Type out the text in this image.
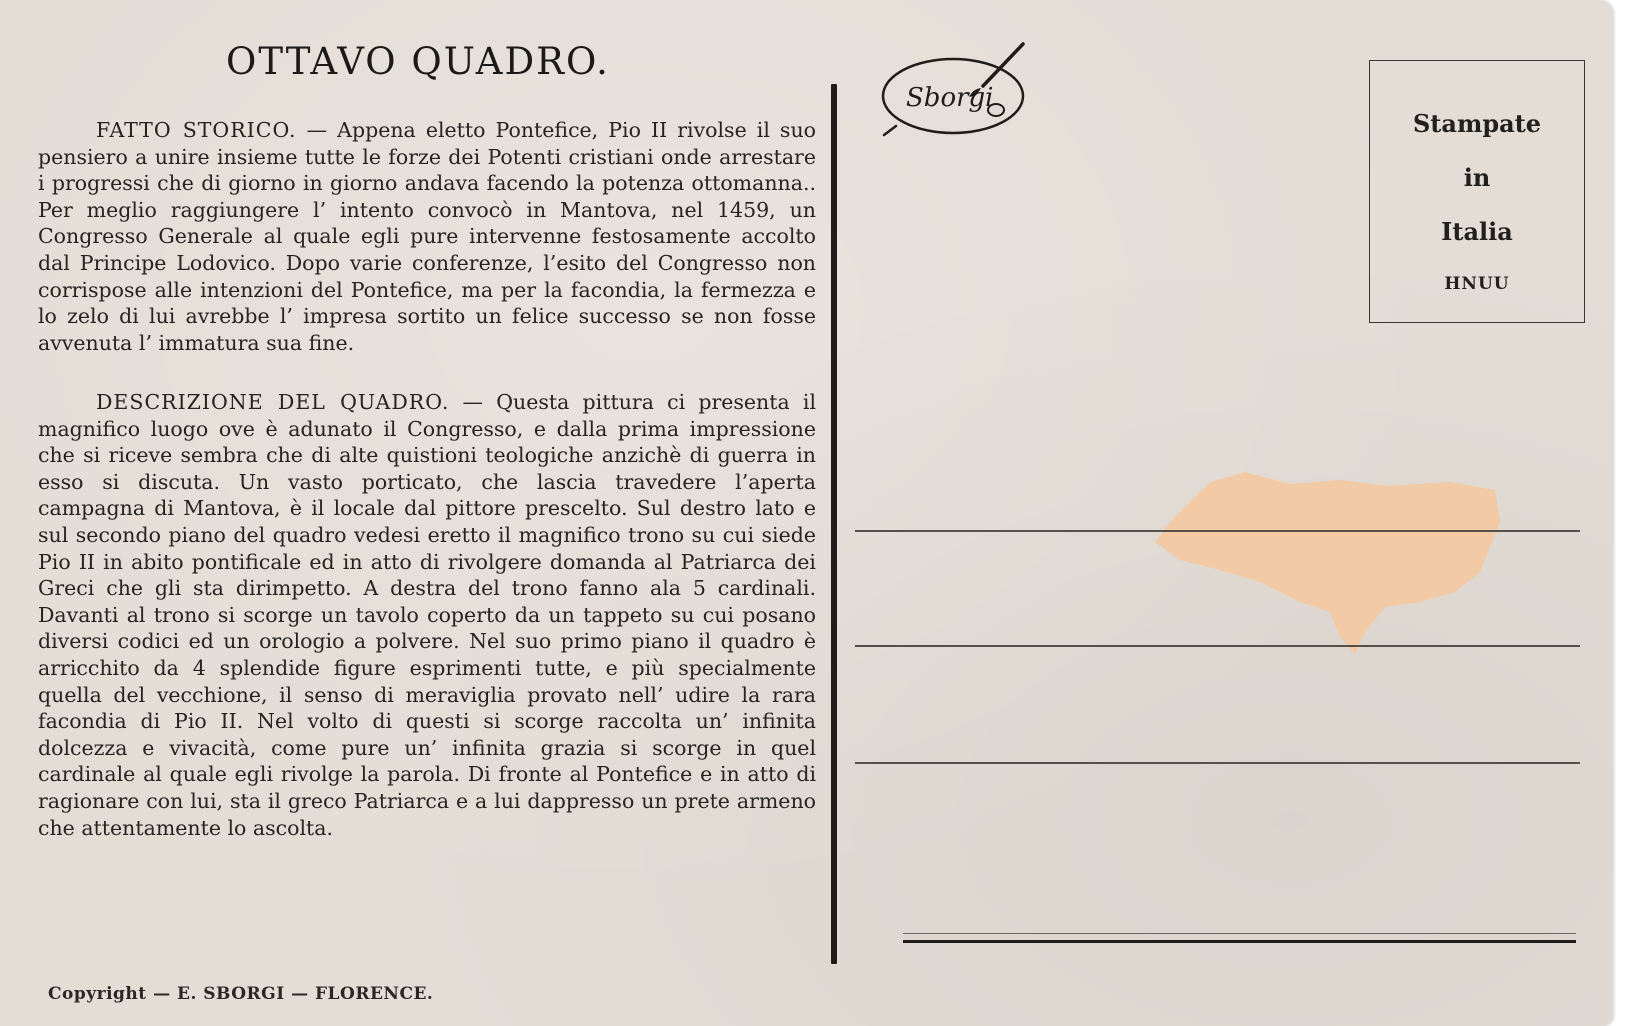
OTTAVO QUADRO.

FATTO STORICO. — Appena eletto Pontefice, Pio II rivolse il suo pensiero a unire insieme tutte le forze dei Potenti cristiani onde arrestare i progressi che di giorno in giorno andava facendo la potenza ottomanna.. Per meglio raggiungere l’ intento convocò in Mantova, nel 1459, un Congresso Generale al quale egli pure intervenne festosamente accolto dal Principe Lodovico. Dopo varie conferenze, l’esito del Congresso non corrispose alle intenzioni del Pontefice, ma per la facondia, la fermezza e lo zelo di lui avrebbe l’ impresa sortito un felice successo se non fosse avvenuta l’ immatura sua fine.

DESCRIZIONE DEL QUADRO. — Questa pittura ci presenta il magnifico luogo ove è adunato il Congresso, e dalla prima impressione che si riceve sembra che di alte quistioni teologiche anzichè di guerra in esso si discuta. Un vasto porticato, che lascia travedere l’aperta campagna di Mantova, è il locale dal pittore prescelto. Sul destro lato e sul secondo piano del quadro vedesi eretto il magnifico trono su cui siede Pio II in abito pontificale ed in atto di rivolgere domanda al Patriarca dei Greci che gli sta dirimpetto. A destra del trono fanno ala 5 cardinali. Davanti al trono si scorge un tavolo coperto da un tappeto su cui posano diversi codici ed un orologio a polvere. Nel suo primo piano il quadro è arricchito da 4 splendide figure esprimenti tutte, e più specialmente quella del vecchione, il senso di meraviglia provato nell’ udire la rara facondia di Pio II. Nel volto di questi si scorge raccolta un’ infinita dolcezza e vivacità, come pure un’ infinita grazia si scorge in quel cardinale al quale egli rivolge la parola. Di fronte al Pontefice e in atto di ragionare con lui, sta il greco Patriarca e a lui dappresso un prete armeno che attentamente lo ascolta.

Copyright — E. SBORGI — FLORENCE.
Sborgi
Stampate
in
Italia
HNUU
